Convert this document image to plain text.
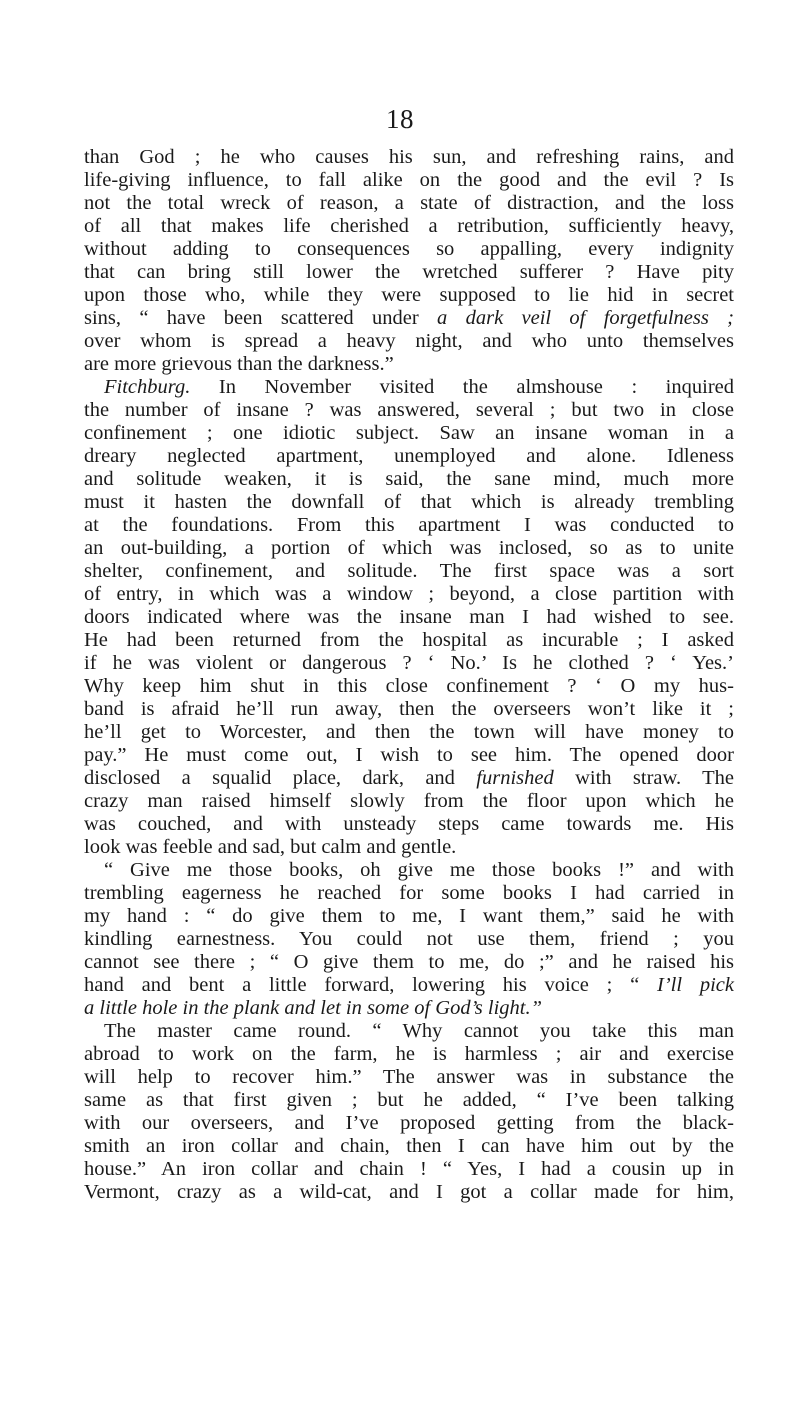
18
than God ; he who causes his sun, and refreshing rains, and
life-giving influence, to fall alike on the good and the evil ? Is
not the total wreck of reason, a state of distraction, and the loss
of all that makes life cherished a retribution, sufficiently heavy,
without adding to consequences so appalling, every indignity
that can bring still lower the wretched sufferer ? Have pity
upon those who, while they were supposed to lie hid in secret
sins, “ have been scattered under a dark veil of forgetfulness ;
over whom is spread a heavy night, and who unto themselves
are more grievous than the darkness.”
Fitchburg. In November visited the almshouse : inquired
the number of insane ? was answered, several ; but two in close
confinement ; one idiotic subject. Saw an insane woman in a
dreary neglected apartment, unemployed and alone. Idleness
and solitude weaken, it is said, the sane mind, much more
must it hasten the downfall of that which is already trembling
at the foundations. From this apartment I was conducted to
an out-building, a portion of which was inclosed, so as to unite
shelter, confinement, and solitude. The first space was a sort
of entry, in which was a window ; beyond, a close partition with
doors indicated where was the insane man I had wished to see.
He had been returned from the hospital as incurable ; I asked
if he was violent or dangerous ? ‘ No.’ Is he clothed ? ‘ Yes.’
Why keep him shut in this close confinement ? ‘ O my hus-
band is afraid he’ll run away, then the overseers won’t like it ;
he’ll get to Worcester, and then the town will have money to
pay.” He must come out, I wish to see him. The opened door
disclosed a squalid place, dark, and furnished with straw. The
crazy man raised himself slowly from the floor upon which he
was couched, and with unsteady steps came towards me. His
look was feeble and sad, but calm and gentle.
“ Give me those books, oh give me those books !” and with
trembling eagerness he reached for some books I had carried in
my hand : “ do give them to me, I want them,” said he with
kindling earnestness. You could not use them, friend ; you
cannot see there ; “ O give them to me, do ;” and he raised his
hand and bent a little forward, lowering his voice ; “ I’ll pick
a little hole in the plank and let in some of God’s light.”
The master came round. “ Why cannot you take this man
abroad to work on the farm, he is harmless ; air and exercise
will help to recover him.” The answer was in substance the
same as that first given ; but he added, “ I’ve been talking
with our overseers, and I’ve proposed getting from the black-
smith an iron collar and chain, then I can have him out by the
house.” An iron collar and chain ! “ Yes, I had a cousin up in
Vermont, crazy as a wild-cat, and I got a collar made for him,
